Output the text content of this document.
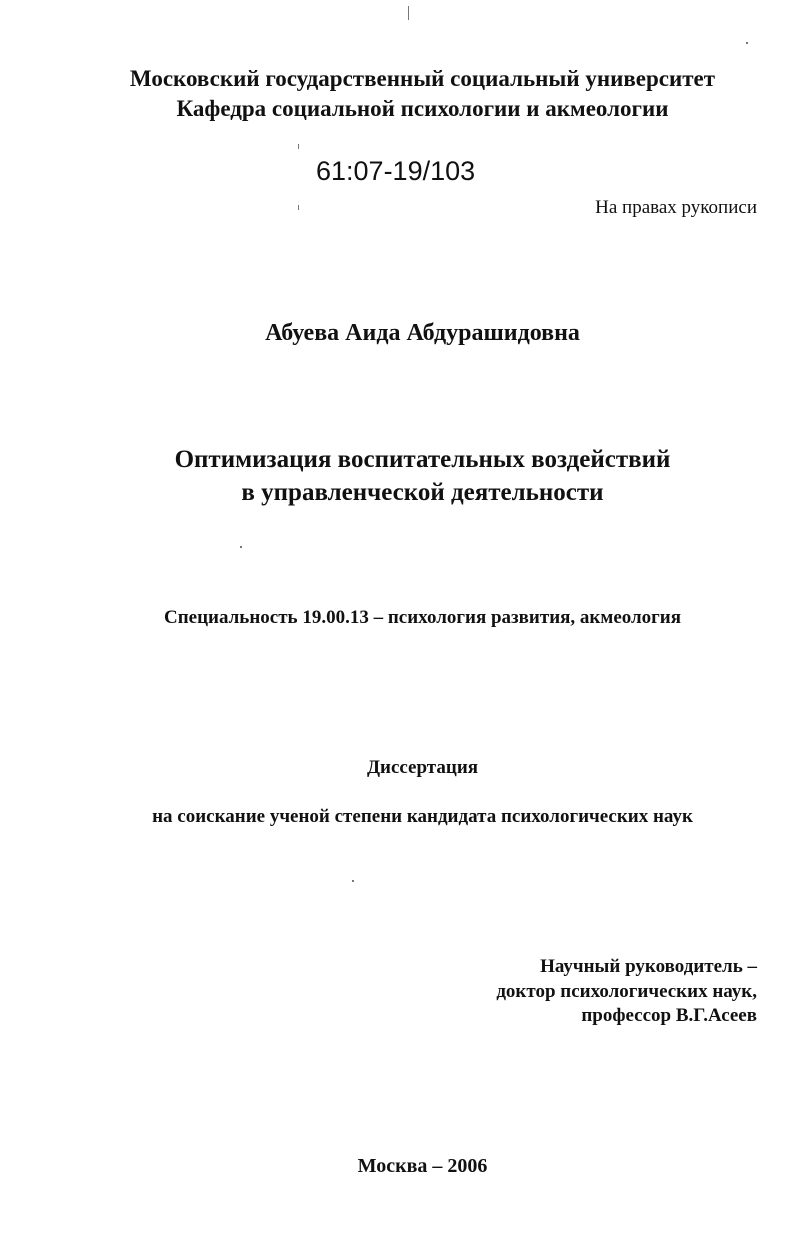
Московский государственный социальный университет
Кафедра социальной психологии и акмеологии
61:07-19/103
На правах рукописи
Абуева Аида Абдурашидовна
Оптимизация воспитательных воздействий
в управленческой деятельности
Специальность 19.00.13 – психология развития, акмеология
Диссертация
на соискание ученой степени кандидата психологических наук
Научный руководитель –
доктор психологических наук,
профессор В.Г.Асеев
Москва – 2006
